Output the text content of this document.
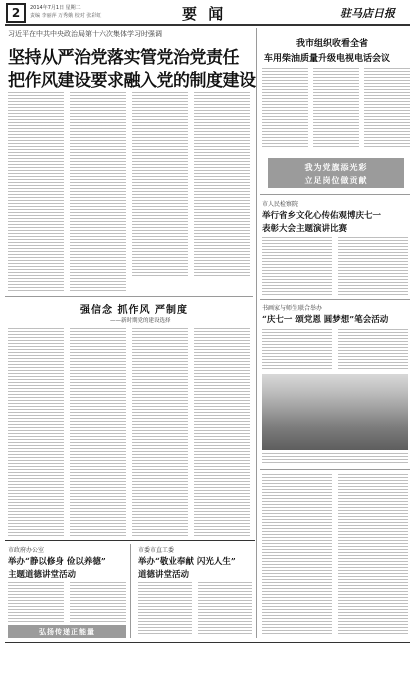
2	2014年7月1日 星期二
责编 李丽萍 万秀娥 校对 张彩虹	要 闻	驻马店日报
习近平在中共中央政治局第十六次集体学习时强调
坚持从严治党落实管党治党责任
把作风建设要求融入党的制度建设
我市组织收看全省
车用柴油质量升级电视电话会议
我为党旗添光彩
立足岗位做贡献
市人民检察院
举行省乡文化心传佑观博庆七一
表彰大会主题演讲比赛
书画家与师生联合举办
“庆七一 颂党恩 圆梦想”笔会活动
强信念 抓作风 严制度
——新时期党的建设选择
市政府办公室
举办“静以修身 俭以养德”
主题道德讲堂活动
市委市直工委
举办“敬业奉献 闪光人生”
道德讲堂活动
弘扬传递正能量
